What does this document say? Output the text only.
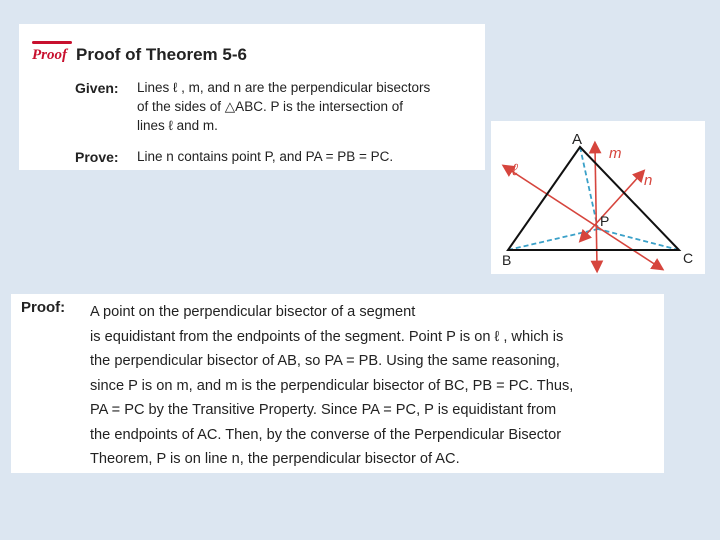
Proof Proof of Theorem 5-6
Given: Lines ℓ , m, and n are the perpendicular bisectors
of the sides of △ABC. P is the intersection of
lines ℓ and m.
Prove: Line n contains point P, and PA = PB = PC.
A
B	C
P
ℓ
m
n
Proof: A point on the perpendicular bisector of a segment
is equidistant from the endpoints of the segment. Point P is on ℓ , which is
the perpendicular bisector of AB, so PA = PB. Using the same reasoning,
since P is on m, and m is the perpendicular bisector of BC, PB = PC. Thus,
PA = PC by the Transitive Property. Since PA = PC, P is equidistant from
the endpoints of AC. Then, by the converse of the Perpendicular Bisector
Theorem, P is on line n, the perpendicular bisector of AC.
